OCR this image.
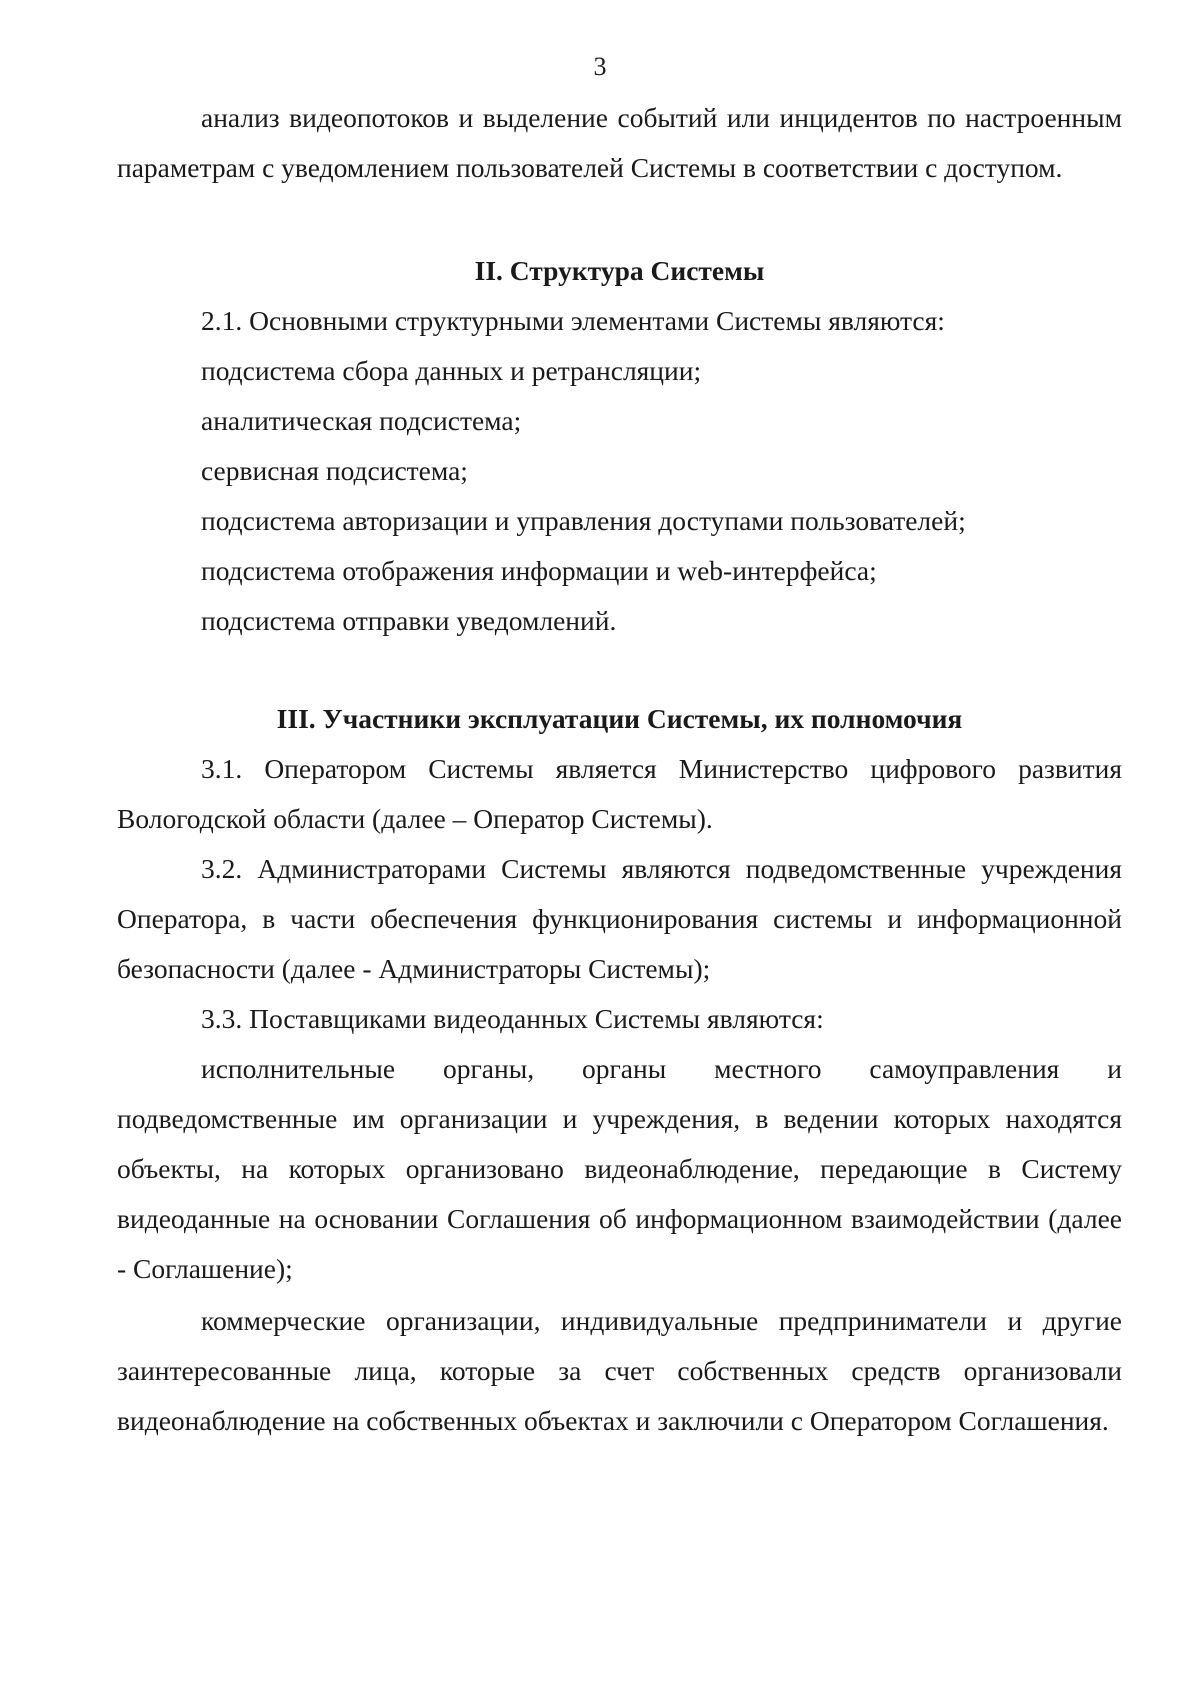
3

анализ видеопотоков и выделение событий или инцидентов по настроенным параметрам с уведомлением пользователей Системы в соответствии с доступом.

II. Структура Системы

2.1. Основными структурными элементами Системы являются:

подсистема сбора данных и ретрансляции;

аналитическая подсистема;

сервисная подсистема;

подсистема авторизации и управления доступами пользователей;

подсистема отображения информации и web-интерфейса;

подсистема отправки уведомлений.

III. Участники эксплуатации Системы, их полномочия

3.1. Оператором Системы является Министерство цифрового развития Вологодской области (далее – Оператор Системы).

3.2. Администраторами Системы являются подведомственные учреждения Оператора, в части обеспечения функционирования системы и информационной безопасности (далее - Администраторы Системы);

3.3. Поставщиками видеоданных Системы являются:

исполнительные органы, органы местного самоуправления и подведомственные им организации и учреждения, в ведении которых находятся объекты, на которых организовано видеонаблюдение, передающие в Систему видеоданные на основании Соглашения об информационном взаимодействии (далее - Соглашение);

коммерческие организации, индивидуальные предприниматели и другие заинтересованные лица, которые за счет собственных средств организовали видеонаблюдение на собственных объектах и заключили с Оператором Соглашения.
